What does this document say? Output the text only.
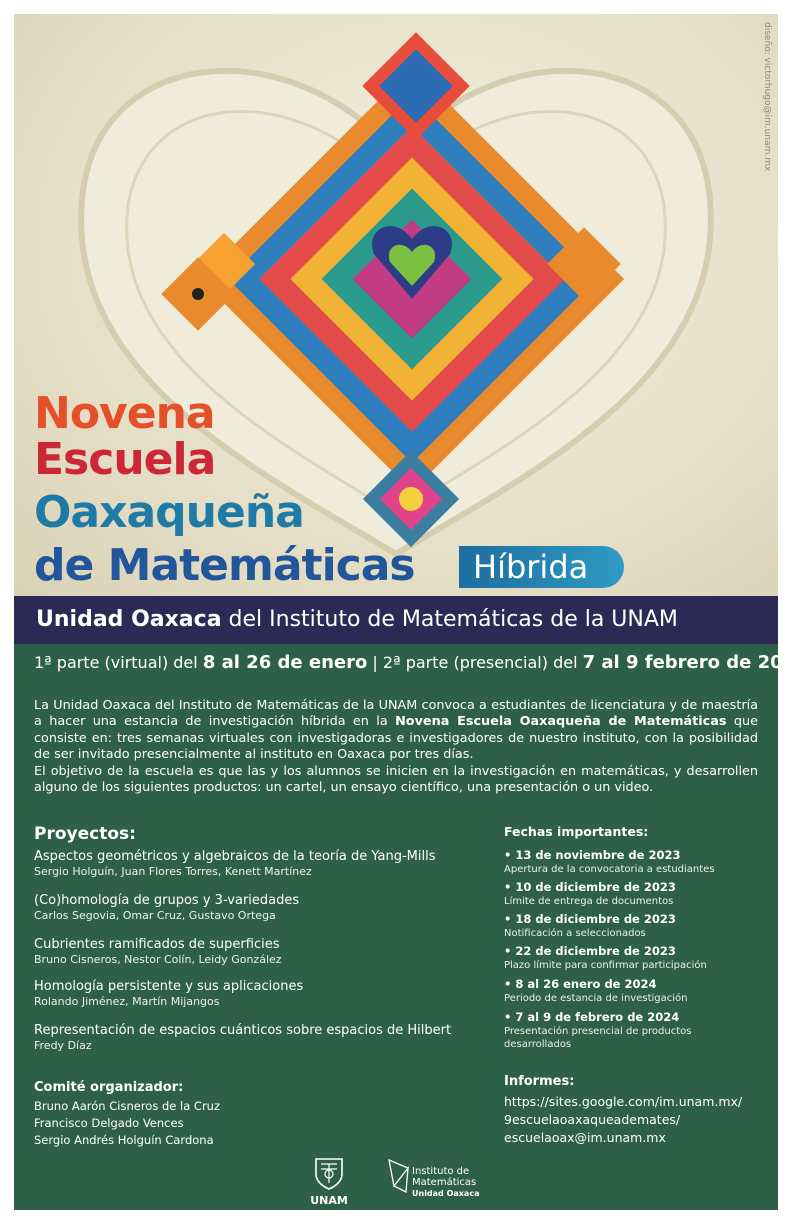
diseño: victorhugo@im.unam.mx
Novena
Escuela
Oaxaqueña
de Matemáticas	Híbrida
Unidad Oaxaca del Instituto de Matemáticas de la UNAM
1ª parte (virtual) del 8 al 26 de enero | 2ª parte (presencial) del 7 al 9 febrero de 2024

La Unidad Oaxaca del Instituto de Matemáticas de la UNAM convoca a estudiantes de licenciatura y de maestría a hacer una estancia de investigación híbrida en la Novena Escuela Oaxaqueña de Matemáticas que consiste en: tres semanas virtuales con investigadoras e investigadores de nuestro instituto, con la posibilidad de ser invitado presencialmente al instituto en Oaxaca por tres días.

El objetivo de la escuela es que las y los alumnos se inicien en la investigación en matemáticas, y desarrollen alguno de los siguientes productos: un cartel, un ensayo científico, una presentación o un video.

Proyectos:
Aspectos geométricos y algebraicos de la teoría de Yang-Mills
Sergio Holguín, Juan Flores Torres, Kenett Martínez
(Co)homología de grupos y 3-variedades
Carlos Segovia, Omar Cruz, Gustavo Ortega
Cubrientes ramificados de superficies
Bruno Cisneros, Nestor Colín, Leidy González
Homología persistente y sus aplicaciones
Rolando Jiménez, Martín Mijangos
Representación de espacios cuánticos sobre espacios de Hilbert
Fredy Díaz
Fechas importantes:
• 13 de noviembre de 2023
Apertura de la convocatoria a estudiantes
• 10 de diciembre de 2023
Límite de entrega de documentos
• 18 de diciembre de 2023
Notificación a seleccionados
• 22 de diciembre de 2023
Plazo límite para confirmar participación
• 8 al 26 enero de 2024
Periodo de estancia de investigación
• 7 al 9 de febrero de 2024
Presentación presencial de productos desarrollados
Comité organizador:
Bruno Aarón Cisneros de la Cruz
Francisco Delgado Vences
Sergio Andrés Holguín Cardona
Informes:
https://sites.google.com/im.unam.mx/
9escuelaoaxaqueademates/
escuelaoax@im.unam.mx
UNAM
Instituto de
Matemáticas
Unidad Oaxaca
